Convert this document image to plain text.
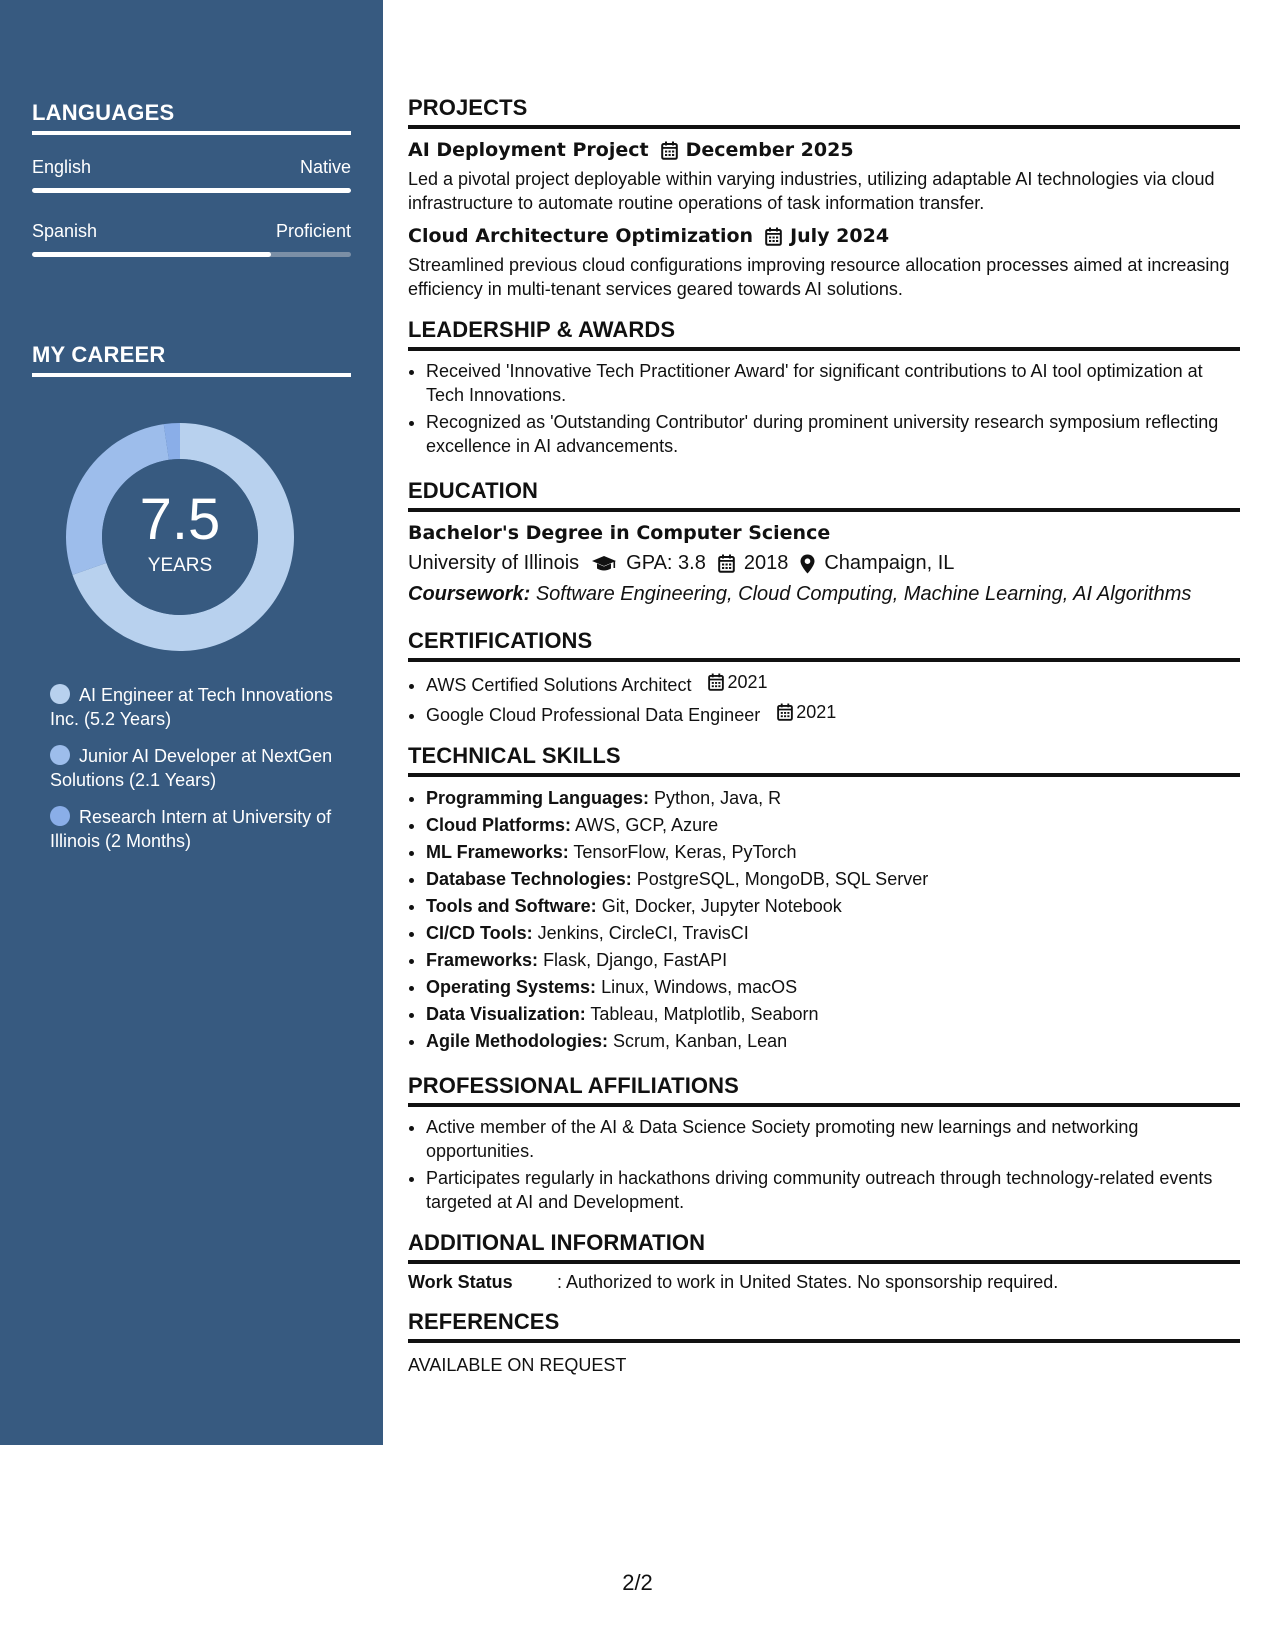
LANGUAGES
English	Native
Spanish	Proficient
MY CAREER
7.5
YEARS
AI Engineer at Tech Innovations Inc. (5.2 Years)
Junior AI Developer at NextGen Solutions (2.1 Years)
Research Intern at University of Illinois (2 Months)
PROJECTS
AI Deployment Project December 2025
Led a pivotal project deployable within varying industries, utilizing adaptable AI technologies via cloud infrastructure to automate routine operations of task information transfer.
Cloud Architecture Optimization July 2024
Streamlined previous cloud configurations improving resource allocation processes aimed at increasing efficiency in multi-tenant services geared towards AI solutions.
LEADERSHIP & AWARDS
• Received 'Innovative Tech Practitioner Award' for significant contributions to AI tool optimization at Tech Innovations.
• Recognized as 'Outstanding Contributor' during prominent university research symposium reflecting excellence in AI advancements.
EDUCATION
Bachelor's Degree in Computer Science
University of Illinois GPA: 3.8 2018 Champaign, IL
Coursework: Software Engineering, Cloud Computing, Machine Learning, AI Algorithms
CERTIFICATIONS
• AWS Certified Solutions Architect 2021
• Google Cloud Professional Data Engineer 2021
TECHNICAL SKILLS
• Programming Languages: Python, Java, R
• Cloud Platforms: AWS, GCP, Azure
• ML Frameworks: TensorFlow, Keras, PyTorch
• Database Technologies: PostgreSQL, MongoDB, SQL Server
• Tools and Software: Git, Docker, Jupyter Notebook
• CI/CD Tools: Jenkins, CircleCI, TravisCI
• Frameworks: Flask, Django, FastAPI
• Operating Systems: Linux, Windows, macOS
• Data Visualization: Tableau, Matplotlib, Seaborn
• Agile Methodologies: Scrum, Kanban, Lean
PROFESSIONAL AFFILIATIONS
• Active member of the AI & Data Science Society promoting new learnings and networking opportunities.
• Participates regularly in hackathons driving community outreach through technology-related events targeted at AI and Development.
ADDITIONAL INFORMATION
Work Status	: Authorized to work in United States. No sponsorship required.
REFERENCES
AVAILABLE ON REQUEST
2/2
